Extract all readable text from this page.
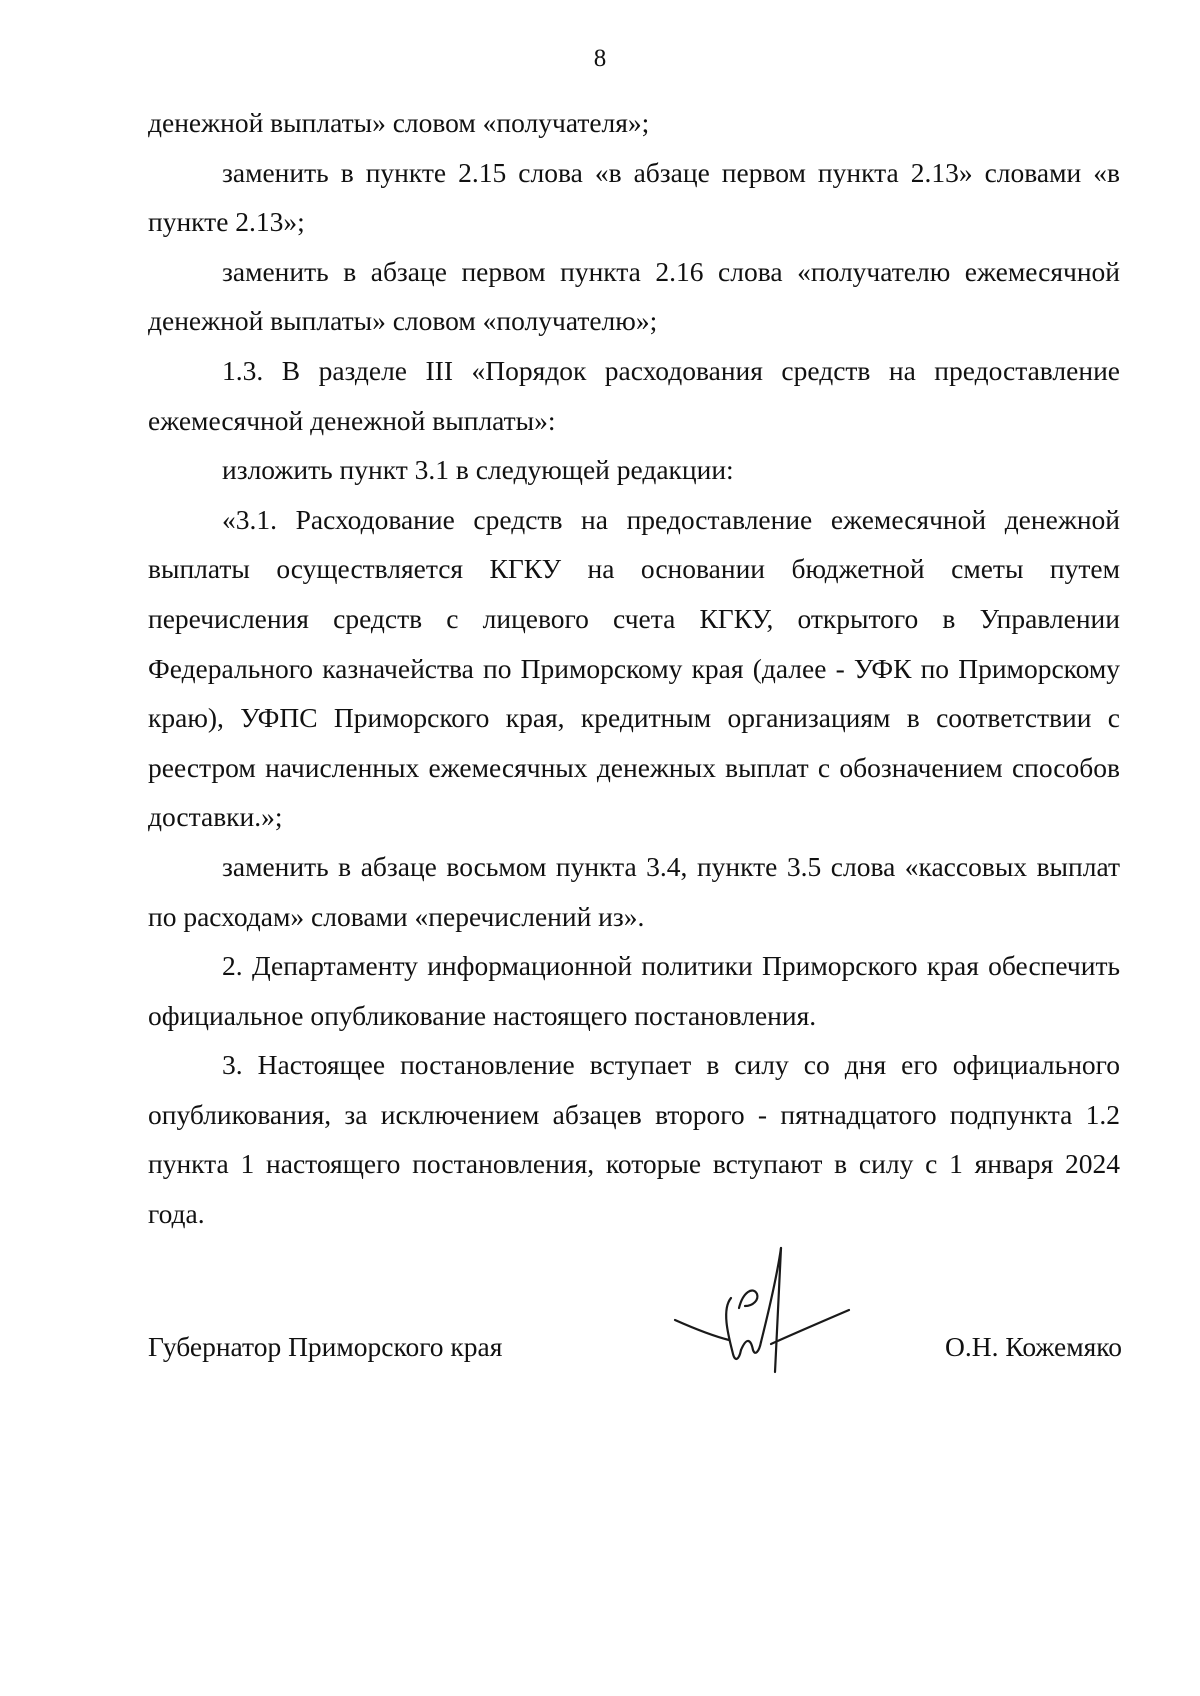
8

денежной выплаты» словом «получателя»;

заменить в пункте 2.15 слова «в абзаце первом пункта 2.13» словами «в пункте 2.13»;

заменить в абзаце первом пункта 2.16 слова «получателю ежемесячной денежной выплаты» словом «получателю»;

1.3. В разделе III «Порядок расходования средств на предоставление ежемесячной денежной выплаты»:

изложить пункт 3.1 в следующей редакции:

«3.1. Расходование средств на предоставление ежемесячной денежной выплаты осуществляется КГКУ на основании бюджетной сметы путем перечисления средств с лицевого счета КГКУ, открытого в Управлении Федерального казначейства по Приморскому края (далее - УФК по Приморскому краю), УФПС Приморского края, кредитным организациям в соответствии с реестром начисленных ежемесячных денежных выплат с обозначением способов доставки.»;

заменить в абзаце восьмом пункта 3.4, пункте 3.5 слова «кассовых выплат по расходам» словами «перечислений из».

2. Департаменту информационной политики Приморского края обеспечить официальное опубликование настоящего постановления.

3. Настоящее постановление вступает в силу со дня его официального опубликования, за исключением абзацев второго - пятнадцатого подпункта 1.2 пункта 1 настоящего постановления, которые вступают в силу с 1 января 2024 года.

Губернатор Приморского края	О.Н. Кожемяко
